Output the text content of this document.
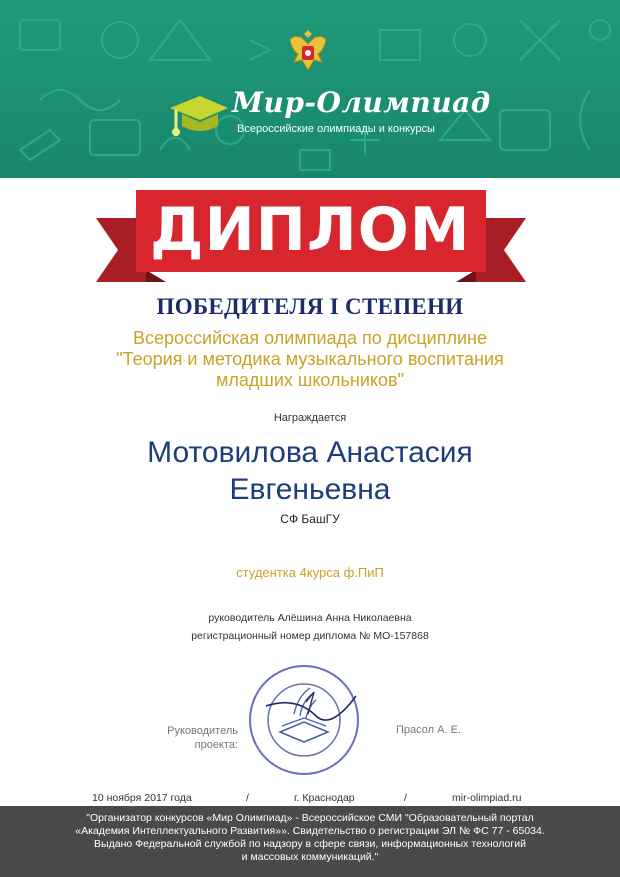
Мир-Олимпиад
Всероссийские олимпиады и конкурсы
ДИПЛОМ
ПОБЕДИТЕЛЯ I СТЕПЕНИ
Всероссийская олимпиада по дисциплине
"Теория и методика музыкального воспитания
младших школьников"
Награждается
Мотовилова Анастасия
Евгеньевна
СФ БашГУ
студентка 4курса ф.ПиП
руководитель Алёшина Анна Николаевна
регистрационный номер диплома № МО-157868
Руководитель
проекта:
Прасол А. Е.
10 ноября 2017 года	/	г. Краснодар	/	mir-olimpiad.ru
"Организатор конкурсов «Мир Олимпиад» - Всероссийское СМИ "Образовательный портал
«Академия Интеллектуального Развития»». Свидетельство о регистрации ЭЛ № ФС 77 - 65034.
Выдано Федеральной службой по надзору в сфере связи, информационных технологий
и массовых коммуникаций."
